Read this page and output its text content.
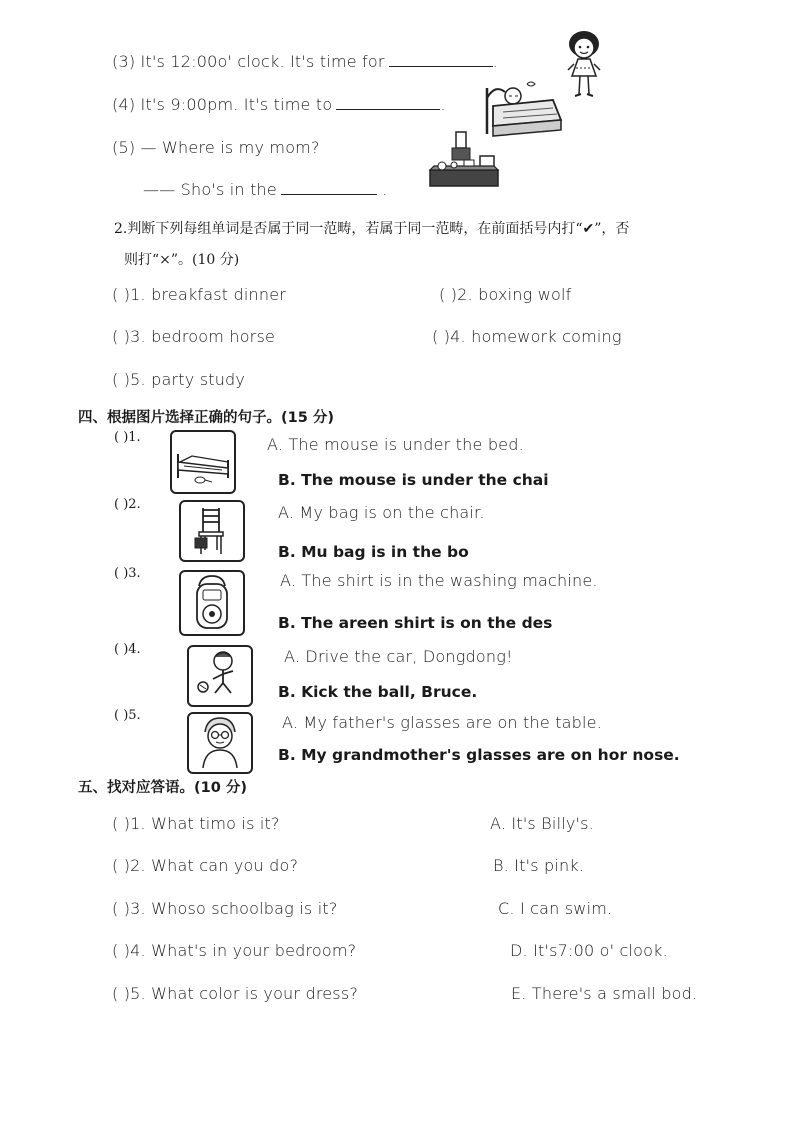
(3) It's 12:00o' clock. It's time for	.
(4) It's 9:00pm. It's time to	.
(5) — Where is my mom?
—— Sho's in the	.
2.判断下列每组单词是否属于同一范畴，若属于同一范畴，在前面括号内打“✔”，否
则打“×”。(10 分)
( )1. breakfast dinner	( )2. boxing wolf
( )3. bedroom horse	( )4. homework coming
( )5. party study
四、根据图片选择正确的句子。(15 分)
( )1.	A. The mouse is under the bed.
B. The mouse is under the chai
( )2.	A. My bag is on the chair.
B. Mu bag is in the bo
( )3.	A. The shirt is in the washing machine.
B. The areen shirt is on the des
( )4.	A. Drive the car, Dongdong!
B. Kick the ball, Bruce.
( )5.	A. My father's glasses are on the table.
B. My grandmother's glasses are on hor nose.
五、找对应答语。(10 分)
( )1. What timo is it?	A. It's Billy's.
( )2. What can you do?	B. It's pink.
( )3. Whoso schoolbag is it?	C. I can swim.
( )4. What's in your bedroom?	D. It's7:00 o' clook.
( )5. What color is your dress?	E. There's a small bod.
